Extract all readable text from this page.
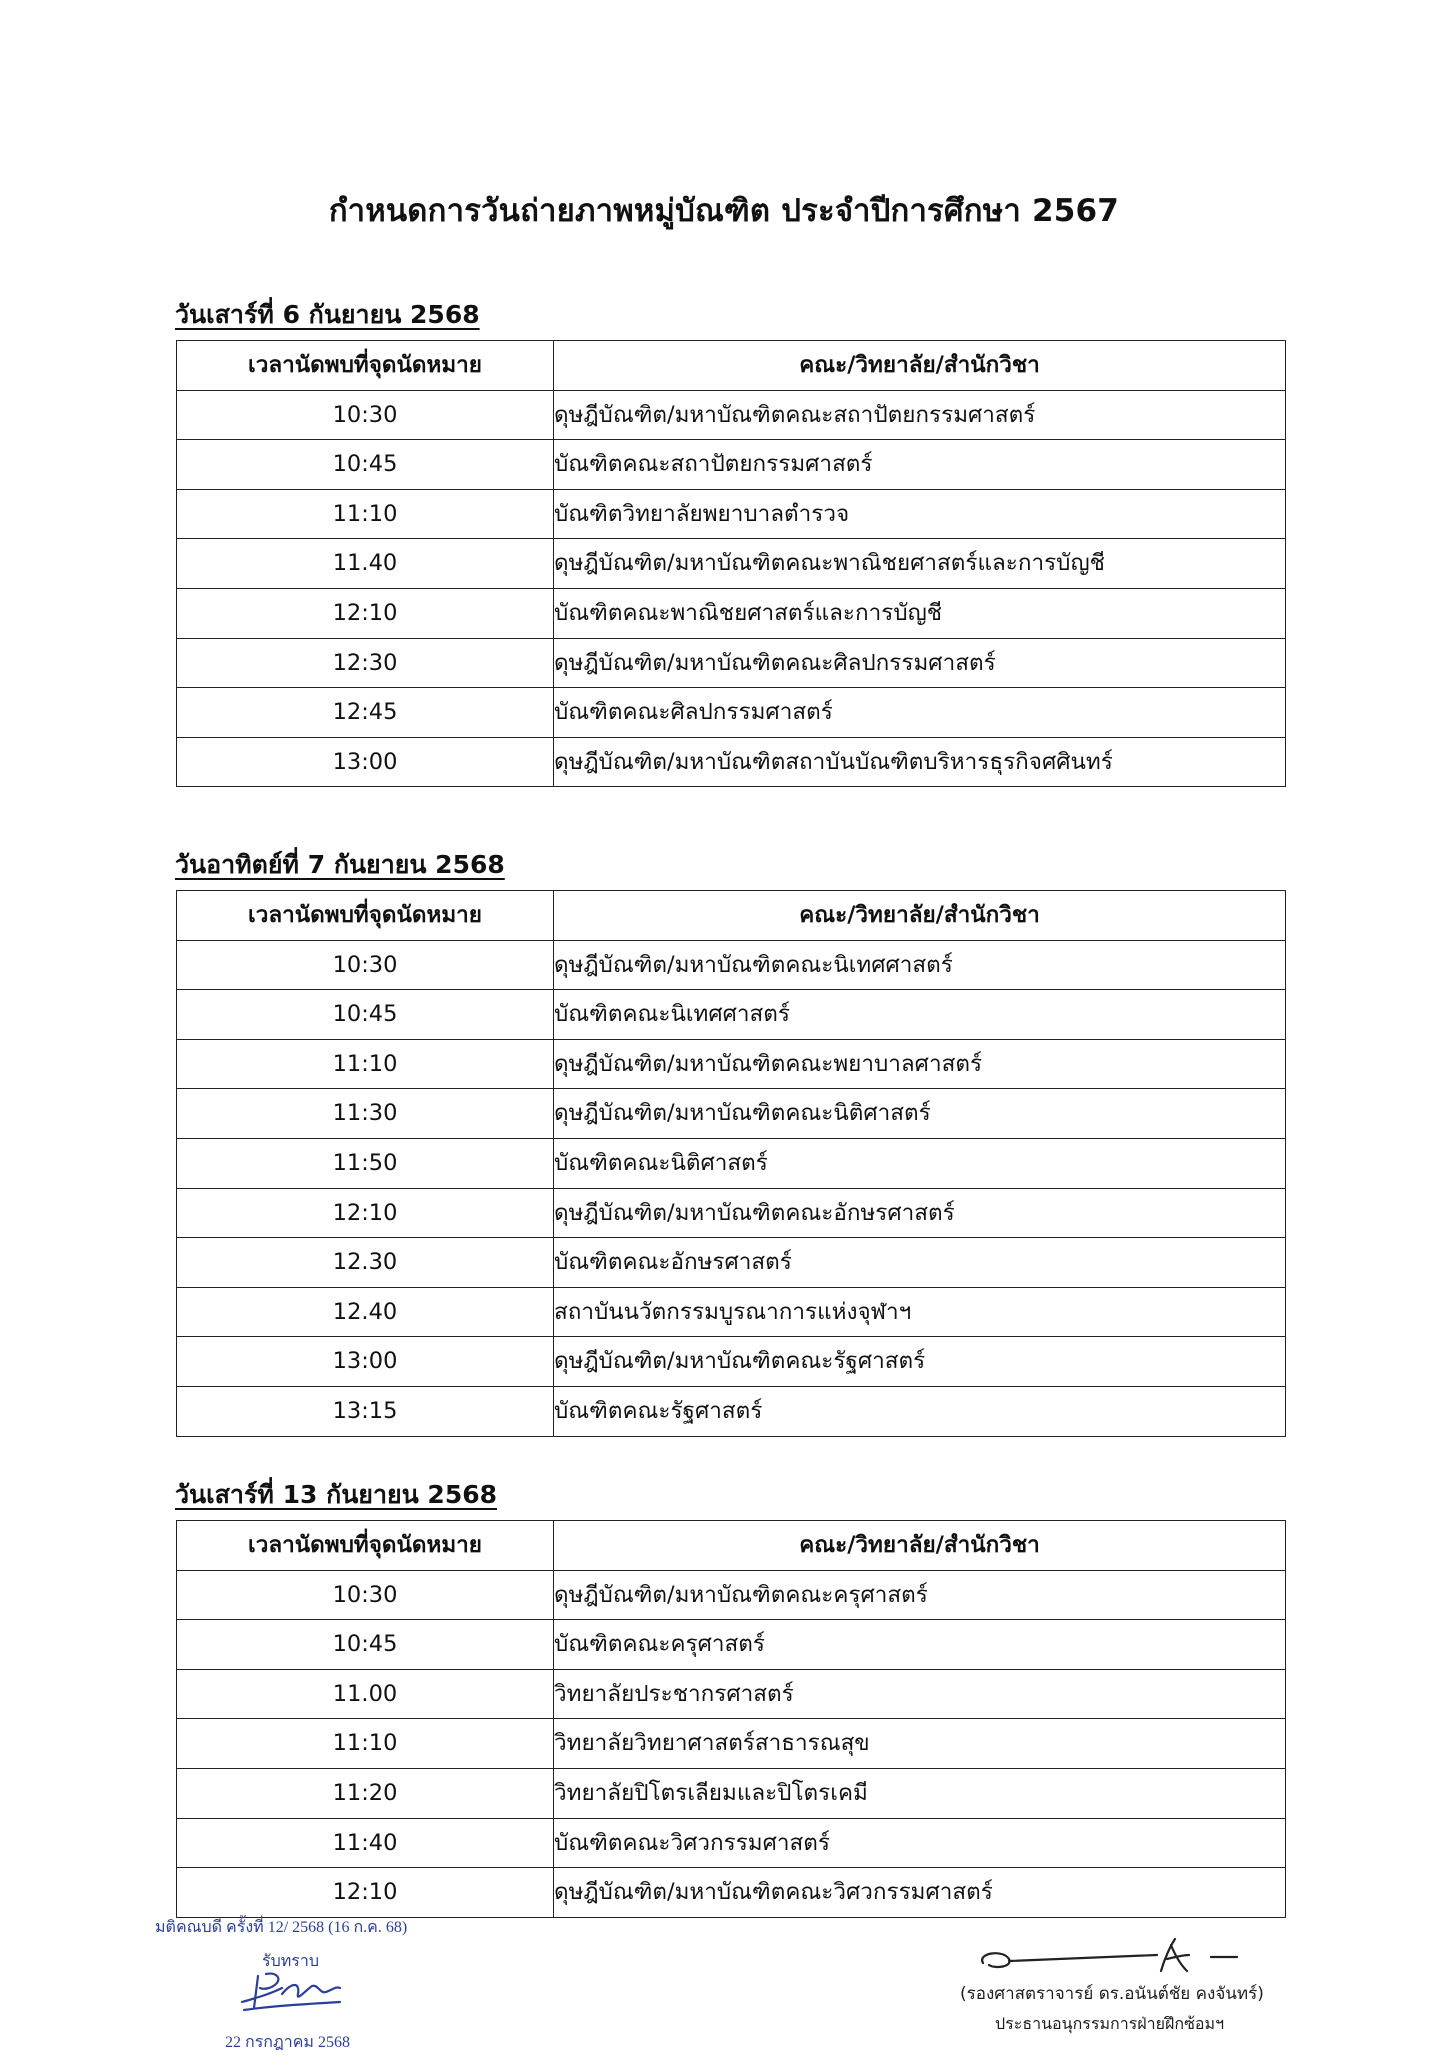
กำหนดการวันถ่ายภาพหมู่บัณฑิต ประจำปีการศึกษา 2567
วันเสาร์ที่ 6 กันยายน 2568
เวลานัดพบที่จุดนัดหมาย	คณะ/วิทยาลัย/สำนักวิชา
10:30	ดุษฎีบัณฑิต/มหาบัณฑิตคณะสถาปัตยกรรมศาสตร์
10:45	บัณฑิตคณะสถาปัตยกรรมศาสตร์
11:10	บัณฑิตวิทยาลัยพยาบาลตำรวจ
11.40	ดุษฎีบัณฑิต/มหาบัณฑิตคณะพาณิชยศาสตร์และการบัญชี
12:10	บัณฑิตคณะพาณิชยศาสตร์และการบัญชี
12:30	ดุษฎีบัณฑิต/มหาบัณฑิตคณะศิลปกรรมศาสตร์
12:45	บัณฑิตคณะศิลปกรรมศาสตร์
13:00	ดุษฎีบัณฑิต/มหาบัณฑิตสถาบันบัณฑิตบริหารธุรกิจศศินทร์
วันอาทิตย์ที่ 7 กันยายน 2568
เวลานัดพบที่จุดนัดหมาย	คณะ/วิทยาลัย/สำนักวิชา
10:30	ดุษฎีบัณฑิต/มหาบัณฑิตคณะนิเทศศาสตร์
10:45	บัณฑิตคณะนิเทศศาสตร์
11:10	ดุษฎีบัณฑิต/มหาบัณฑิตคณะพยาบาลศาสตร์
11:30	ดุษฎีบัณฑิต/มหาบัณฑิตคณะนิติศาสตร์
11:50	บัณฑิตคณะนิติศาสตร์
12:10	ดุษฎีบัณฑิต/มหาบัณฑิตคณะอักษรศาสตร์
12.30	บัณฑิตคณะอักษรศาสตร์
12.40	สถาบันนวัตกรรมบูรณาการแห่งจุฬาฯ
13:00	ดุษฎีบัณฑิต/มหาบัณฑิตคณะรัฐศาสตร์
13:15	บัณฑิตคณะรัฐศาสตร์
วันเสาร์ที่ 13 กันยายน 2568
เวลานัดพบที่จุดนัดหมาย	คณะ/วิทยาลัย/สำนักวิชา
10:30	ดุษฎีบัณฑิต/มหาบัณฑิตคณะครุศาสตร์
10:45	บัณฑิตคณะครุศาสตร์
11.00	วิทยาลัยประชากรศาสตร์
11:10	วิทยาลัยวิทยาศาสตร์สาธารณสุข
11:20	วิทยาลัยปิโตรเลียมและปิโตรเคมี
11:40	บัณฑิตคณะวิศวกรรมศาสตร์
12:10	ดุษฎีบัณฑิต/มหาบัณฑิตคณะวิศวกรรมศาสตร์
มติคณบดี ครั้งที่ 12/ 2568 (16 ก.ค. 68)
รับทราบ
22 กรกฎาคม 2568
(รองศาสตราจารย์ ดร.อนันต์ชัย คงจันทร์)
ประธานอนุกรรมการฝ่ายฝึกซ้อมฯ
